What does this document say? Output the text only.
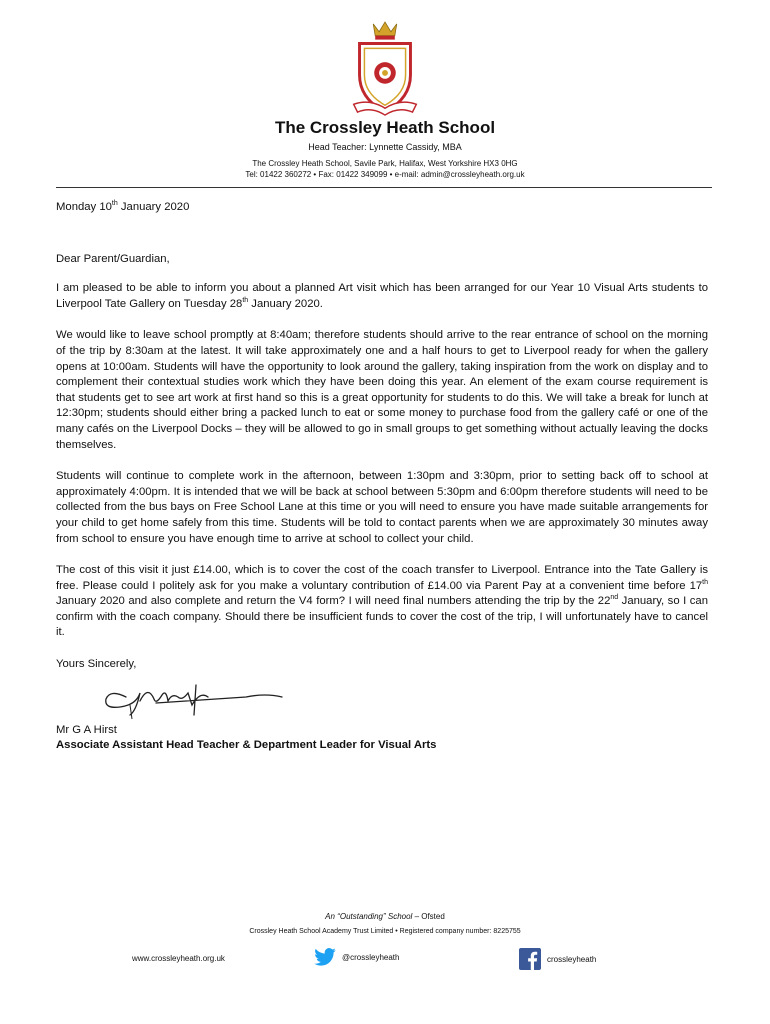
The Crossley Heath School
Head Teacher: Lynnette Cassidy, MBA
The Crossley Heath School, Savile Park, Halifax, West Yorkshire HX3 0HG
Tel: 01422 360272 • Fax: 01422 349099 • e-mail: admin@crossleyheath.org.uk

Monday 10th January 2020

Dear Parent/Guardian,

I am pleased to be able to inform you about a planned Art visit which has been arranged for our Year 10 Visual Arts students to Liverpool Tate Gallery on Tuesday 28th January 2020.

We would like to leave school promptly at 8:40am; therefore students should arrive to the rear entrance of school on the morning of the trip by 8:30am at the latest. It will take approximately one and a half hours to get to Liverpool ready for when the gallery opens at 10:00am. Students will have the opportunity to look around the gallery, taking inspiration from the work on display and to complement their contextual studies work which they have been doing this year. An element of the exam course requirement is that students get to see art work at first hand so this is a great opportunity for students to do this. We will take a break for lunch at 12:30pm; students should either bring a packed lunch to eat or some money to purchase food from the gallery café or one of the many cafés on the Liverpool Docks – they will be allowed to go in small groups to get something without actually leaving the docks themselves.

Students will continue to complete work in the afternoon, between 1:30pm and 3:30pm, prior to setting back off to school at approximately 4:00pm. It is intended that we will be back at school between 5:30pm and 6:00pm therefore students will need to be collected from the bus bays on Free School Lane at this time or you will need to ensure you have made suitable arrangements for your child to get home safely from this time. Students will be told to contact parents when we are approximately 30 minutes away from school to ensure you have enough time to arrive at school to collect your child.

The cost of this visit it just £14.00, which is to cover the cost of the coach transfer to Liverpool. Entrance into the Tate Gallery is free. Please could I politely ask for you make a voluntary contribution of £14.00 via Parent Pay at a convenient time before 17th January 2020 and also complete and return the V4 form? I will need final numbers attending the trip by the 22nd January, so I can confirm with the coach company. Should there be insufficient funds to cover the cost of the trip, I will unfortunately have to cancel it.

Yours Sincerely,

Mr G A Hirst

Associate Assistant Head Teacher & Department Leader for Visual Arts

An “Outstanding” School – Ofsted
Crossley Heath School Academy Trust Limited • Registered company number: 8225755
www.crossleyheath.org.uk	@crossleyheath	crossleyheath
